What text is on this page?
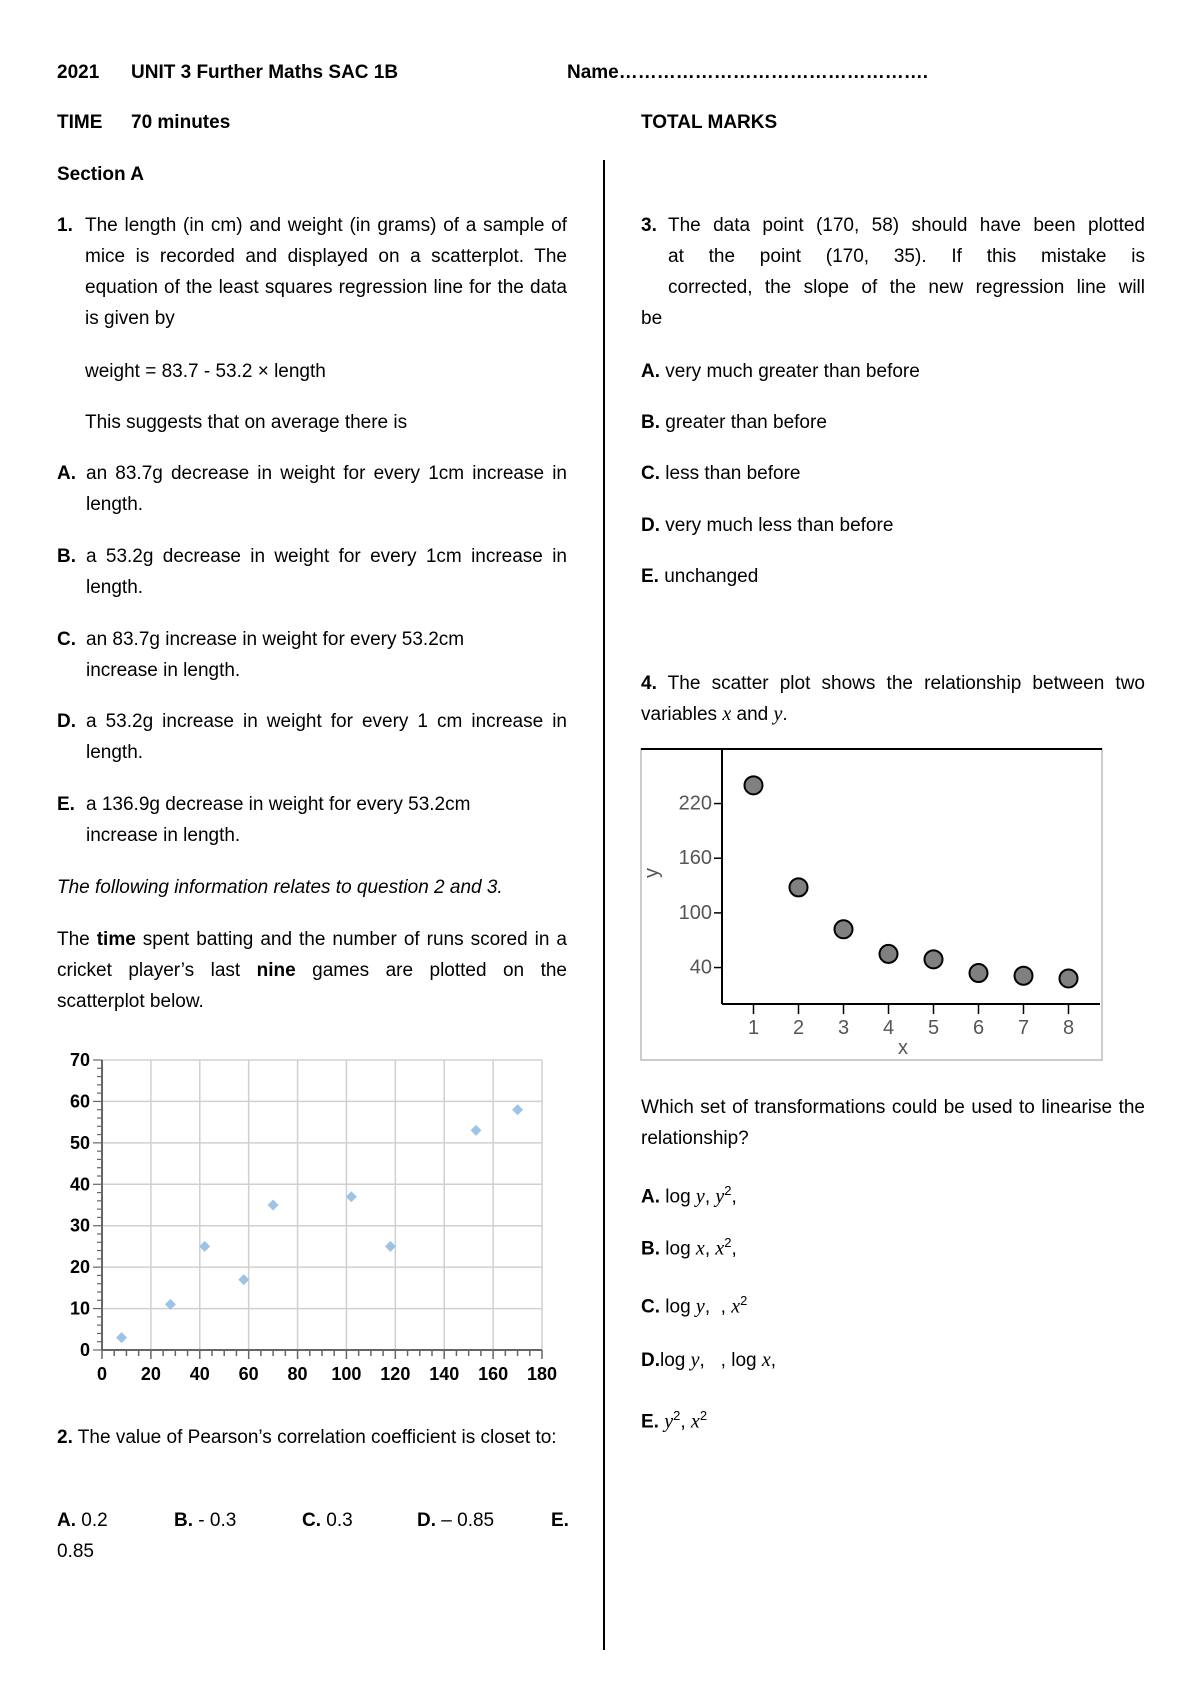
2021 UNIT 3 Further Maths SAC 1B	Name………………………………………….
TIME 70 minutes	TOTAL MARKS
Section A
1. The length (in cm) and weight (in grams) of a sample of mice is recorded and displayed on a scatterplot. The equation of the least squares regression line for the data is given by
weight = 83.7 - 53.2 × length
This suggests that on average there is
A. an 83.7g decrease in weight for every 1cm increase in length.
B. a 53.2g decrease in weight for every 1cm increase in length.
C. an 83.7g increase in weight for every 53.2cm increase in length.
D. a 53.2g increase in weight for every 1 cm increase in length.
E. a 136.9g decrease in weight for every 53.2cm increase in length.
The following information relates to question 2 and 3.
The time spent batting and the number of runs scored in a cricket player’s last nine games are plotted on the scatterplot below.
0 20 40 60 80 100 120 140 160 180
0
10
20
30
40
50
60
70
2. The value of Pearson’s correlation coefficient is closet to:
A. 0.2	B. - 0.3	C. 0.3	D. – 0.85	E.
0.85
3. The data point (170, 58) should have been plotted
at the point (170, 35). If this mistake is
corrected, the slope of the new regression line will
be
A. very much greater than before
B. greater than before
C. less than before
D. very much less than before
E. unchanged
4. The scatter plot shows the relationship between two variables x and y.
1 2 3 4 5 6 7 8
40
100
160
220
x
y
Which set of transformations could be used to linearise the relationship?
A. log y, $y^2$,
B. log x, $x^2$,
C. log y,  , $x^2$
D.log y,   , log x,
E. $y^2$, $x^2$
